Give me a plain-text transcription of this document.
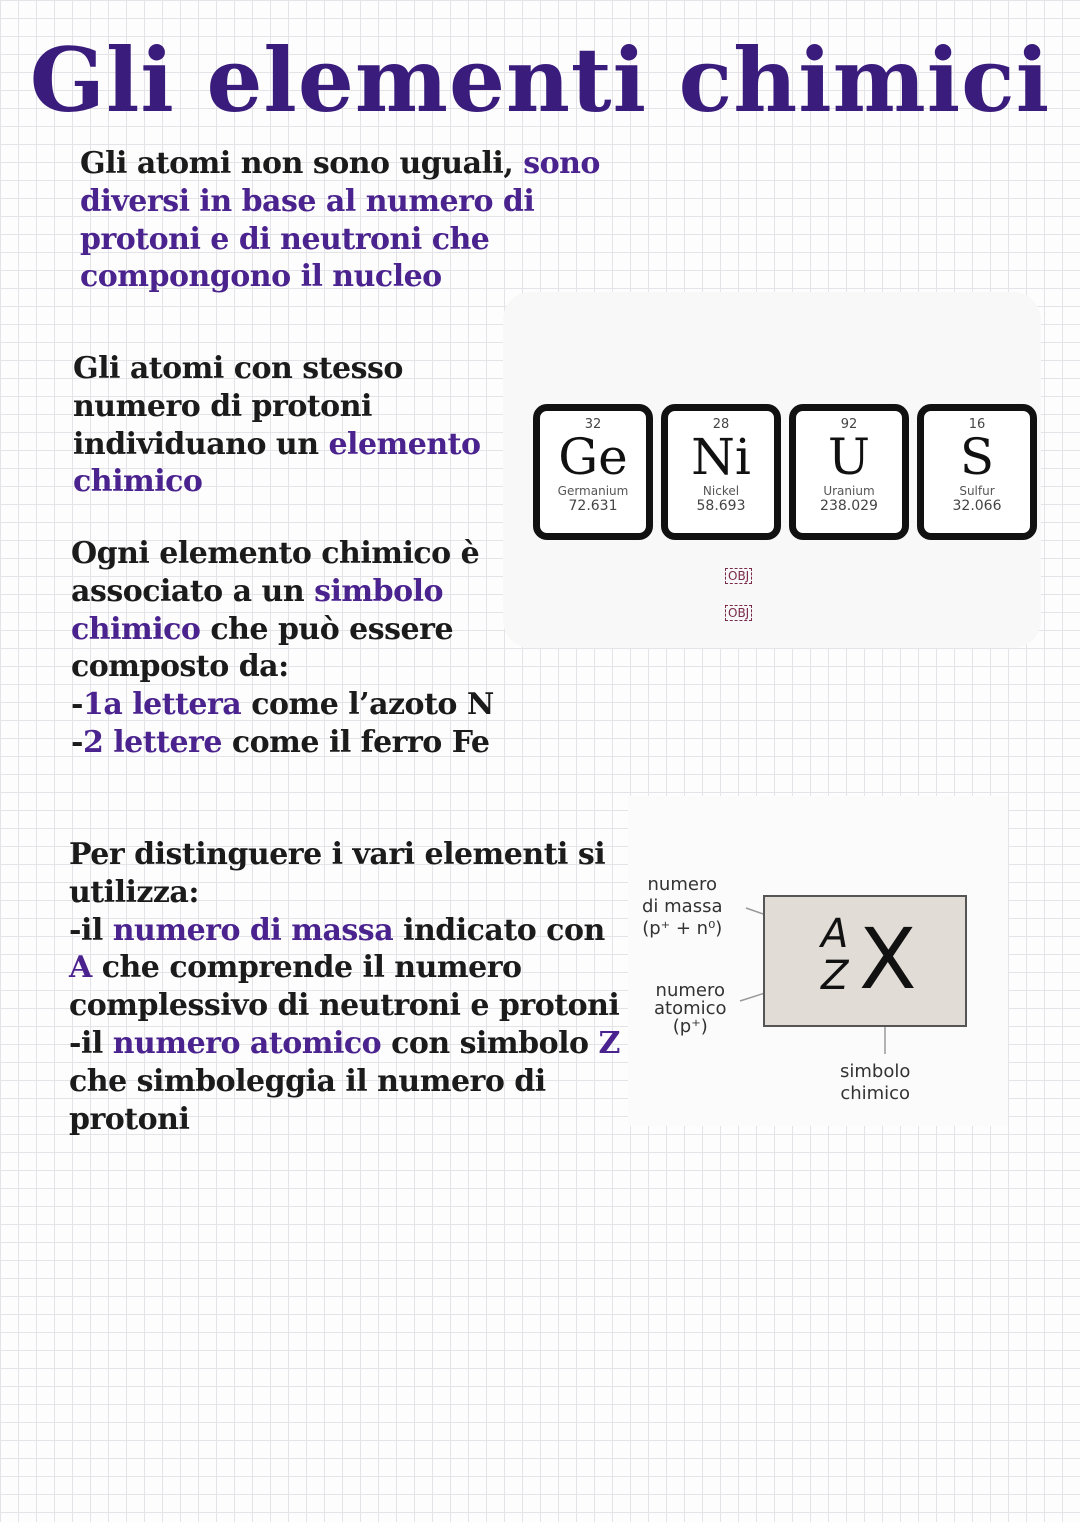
Gli elementi chimici
Gli atomi non sono uguali, sono diversi in base al numero di protoni e di neutroni che compongono il nucleo
Gli atomi con stesso numero di protoni individuano un elemento chimico
Ogni elemento chimico è associato a un simbolo chimico che può essere composto da:
-1a lettera come l’azoto N
-2 lettere come il ferro Fe
Per distinguere i vari elementi si utilizza:
-il numero di massa indicato con A che comprende il numero complessivo di neutroni e protoni
-il numero atomico con simbolo Z che simboleggia il numero di protoni
32
Ge
Germanium
72.631
28
Ni
Nickel
58.693
92
U
Uranium
238.029
16
S
Sulfur
32.066
OBJ
OBJ
numero
di massa
(p⁺ + n⁰)
numero
atomico
(p⁺)
A
Z X
simbolo
chimico
